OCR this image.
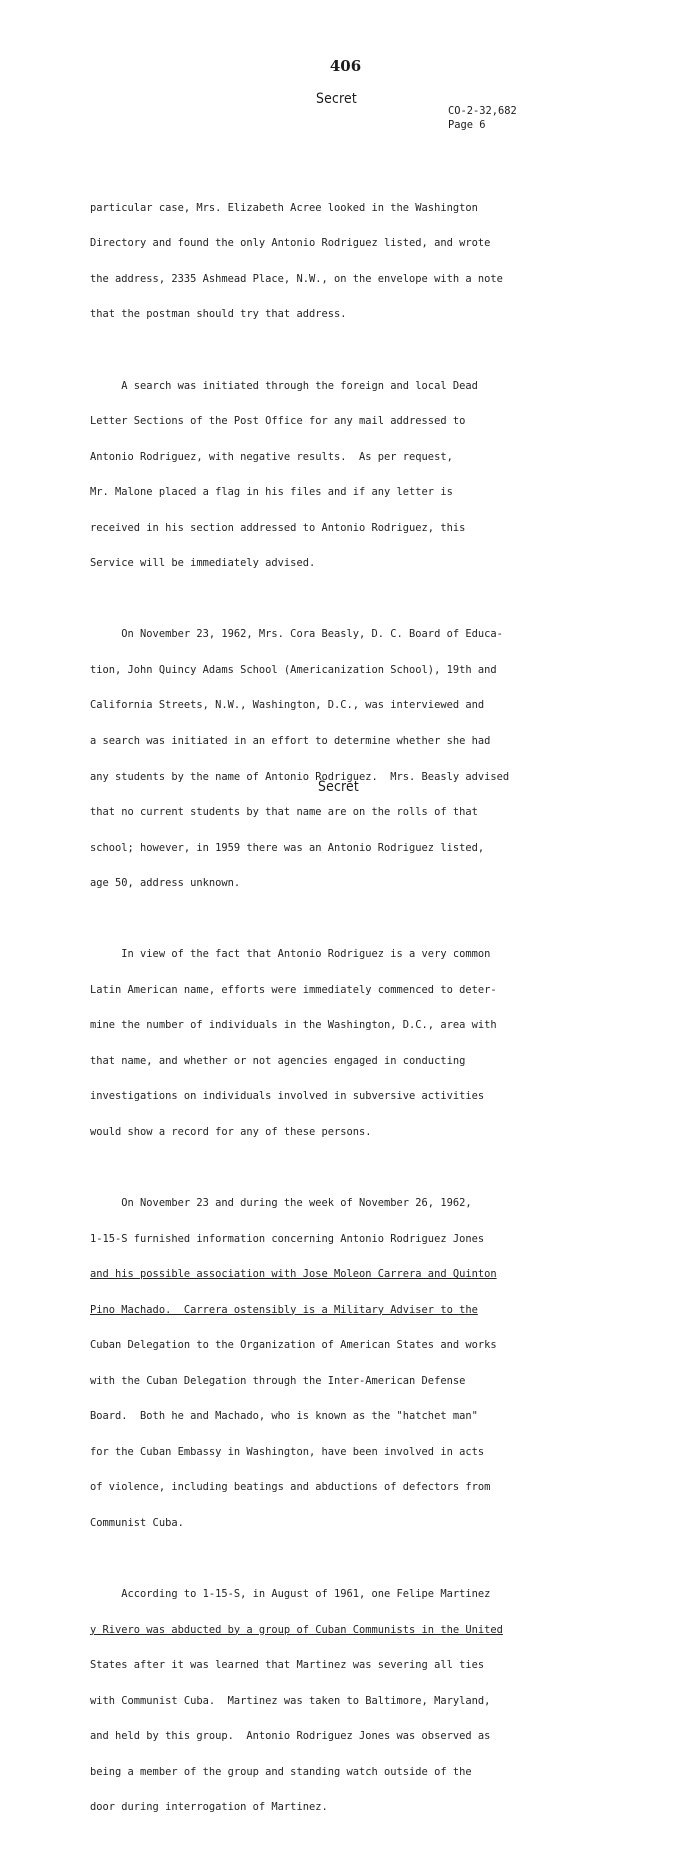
406
Secret
CO-2-32,682
Page 6

particular case, Mrs. Elizabeth Acree looked in the Washington

Directory and found the only Antonio Rodriguez listed, and wrote

the address, 2335 Ashmead Place, N.W., on the envelope with a note

that the postman should try that address.

A search was initiated through the foreign and local Dead

Letter Sections of the Post Office for any mail addressed to

Antonio Rodriguez, with negative results.  As per request,

Mr. Malone placed a flag in his files and if any letter is

received in his section addressed to Antonio Rodriguez, this

Service will be immediately advised.

On November 23, 1962, Mrs. Cora Beasly, D. C. Board of Educa-

tion, John Quincy Adams School (Americanization School), 19th and

California Streets, N.W., Washington, D.C., was interviewed and

a search was initiated in an effort to determine whether she had

any students by the name of Antonio Rodriguez.  Mrs. Beasly advised

that no current students by that name are on the rolls of that

school; however, in 1959 there was an Antonio Rodriguez listed,

age 50, address unknown.

In view of the fact that Antonio Rodriguez is a very common

Latin American name, efforts were immediately commenced to deter-

mine the number of individuals in the Washington, D.C., area with

that name, and whether or not agencies engaged in conducting

investigations on individuals involved in subversive activities

would show a record for any of these persons.

On November 23 and during the week of November 26, 1962,

1-15-S furnished information concerning Antonio Rodriguez Jones

and his possible association with Jose Moleon Carrera and Quinton

Pino Machado.  Carrera ostensibly is a Military Adviser to the

Cuban Delegation to the Organization of American States and works

with the Cuban Delegation through the Inter-American Defense

Board.  Both he and Machado, who is known as the "hatchet man"

for the Cuban Embassy in Washington, have been involved in acts

of violence, including beatings and abductions of defectors from

Communist Cuba.

According to 1-15-S, in August of 1961, one Felipe Martinez

y Rivero was abducted by a group of Cuban Communists in the United

States after it was learned that Martinez was severing all ties

with Communist Cuba.  Martinez was taken to Baltimore, Maryland,

and held by this group.  Antonio Rodriguez Jones was observed as

being a member of the group and standing watch outside of the

door during interrogation of Martinez.

Secret
